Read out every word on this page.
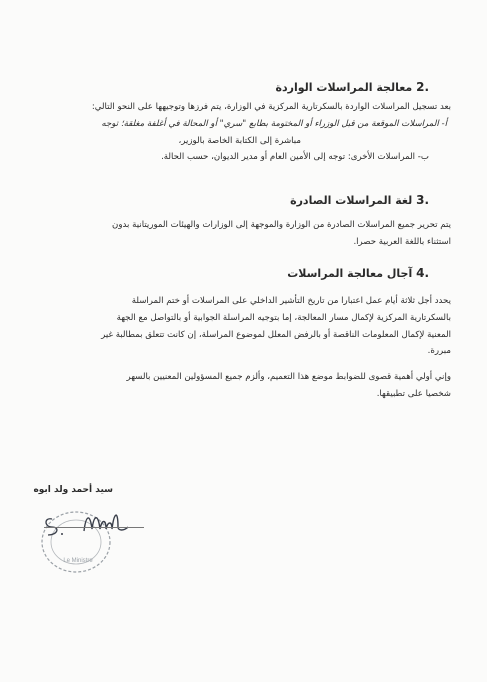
.2 معالجة المراسلات الواردة
بعد تسجيل المراسلات الواردة بالسكرتارية المركزية في الوزارة، يتم فرزها وتوجيهها على النحو التالي:
أ- المراسلات الموقعة من قبل الوزراء أو المختومة بطابع "سري" أو المحالة في أغلفة مغلقة؛ توجه
مباشرة إلى الكتابة الخاصة بالوزير،
ب- المراسلات الأخرى: توجه إلى الأمين العام أو مدير الديوان، حسب الحالة.
.3 لغة المراسلات الصادرة
يتم تحرير جميع المراسلات الصادرة من الوزارة والموجهة إلى الوزارات والهيئات الموريتانية بدون
استثناء باللغة العربية حصرا.
.4 آجال معالجة المراسلات
يحدد أجل ثلاثة أيام عمل اعتبارا من تاريخ التأشير الداخلي على المراسلات أو ختم المراسلة
بالسكرتارية المركزية لإكمال مسار المعالجة، إما بتوجيه المراسلة الجوابية أو بالتواصل مع الجهة
المعنية لإكمال المعلومات الناقصة أو بالرفض المعلل لموضوع المراسلة، إن كانت تتعلق بمطالبة غير
مبررة.
وإني أولي أهمية قصوى للضوابط موضع هذا التعميم، وألزم جميع المسؤولين المعنيين بالسهر
شخصيا على تطبيقها.
سيد أحمد ولد ابوه
Le Ministre
